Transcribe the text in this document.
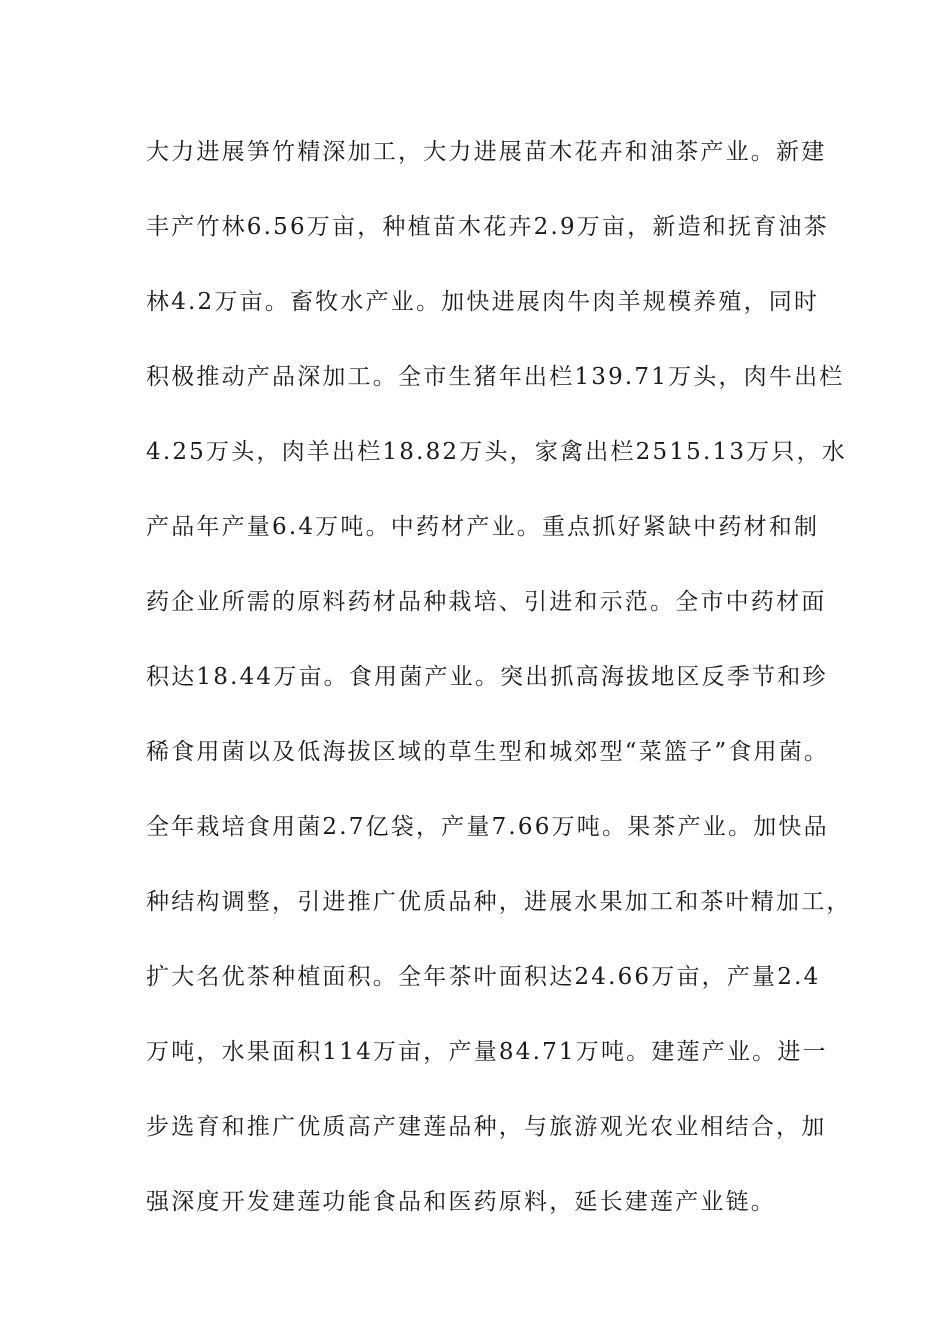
大力进展笋竹精深加工，大力进展苗木花卉和油茶产业。新建
丰产竹林6.56万亩，种植苗木花卉2.9万亩，新造和抚育油茶
林4.2万亩。畜牧水产业。加快进展肉牛肉羊规模养殖，同时
积极推动产品深加工。全市生猪年出栏139.71万头，肉牛出栏
4.25万头，肉羊出栏18.82万头，家禽出栏2515.13万只，水
产品年产量6.4万吨。中药材产业。重点抓好紧缺中药材和制
药企业所需的原料药材品种栽培、引进和示范。全市中药材面
积达18.44万亩。食用菌产业。突出抓高海拔地区反季节和珍
稀食用菌以及低海拔区域的草生型和城郊型“菜篮子”食用菌。
全年栽培食用菌2.7亿袋，产量7.66万吨。果茶产业。加快品
种结构调整，引进推广优质品种，进展水果加工和茶叶精加工，
扩大名优茶种植面积。全年茶叶面积达24.66万亩，产量2.4
万吨，水果面积114万亩，产量84.71万吨。建莲产业。进一
步选育和推广优质高产建莲品种，与旅游观光农业相结合，加
强深度开发建莲功能食品和医药原料，延长建莲产业链。
